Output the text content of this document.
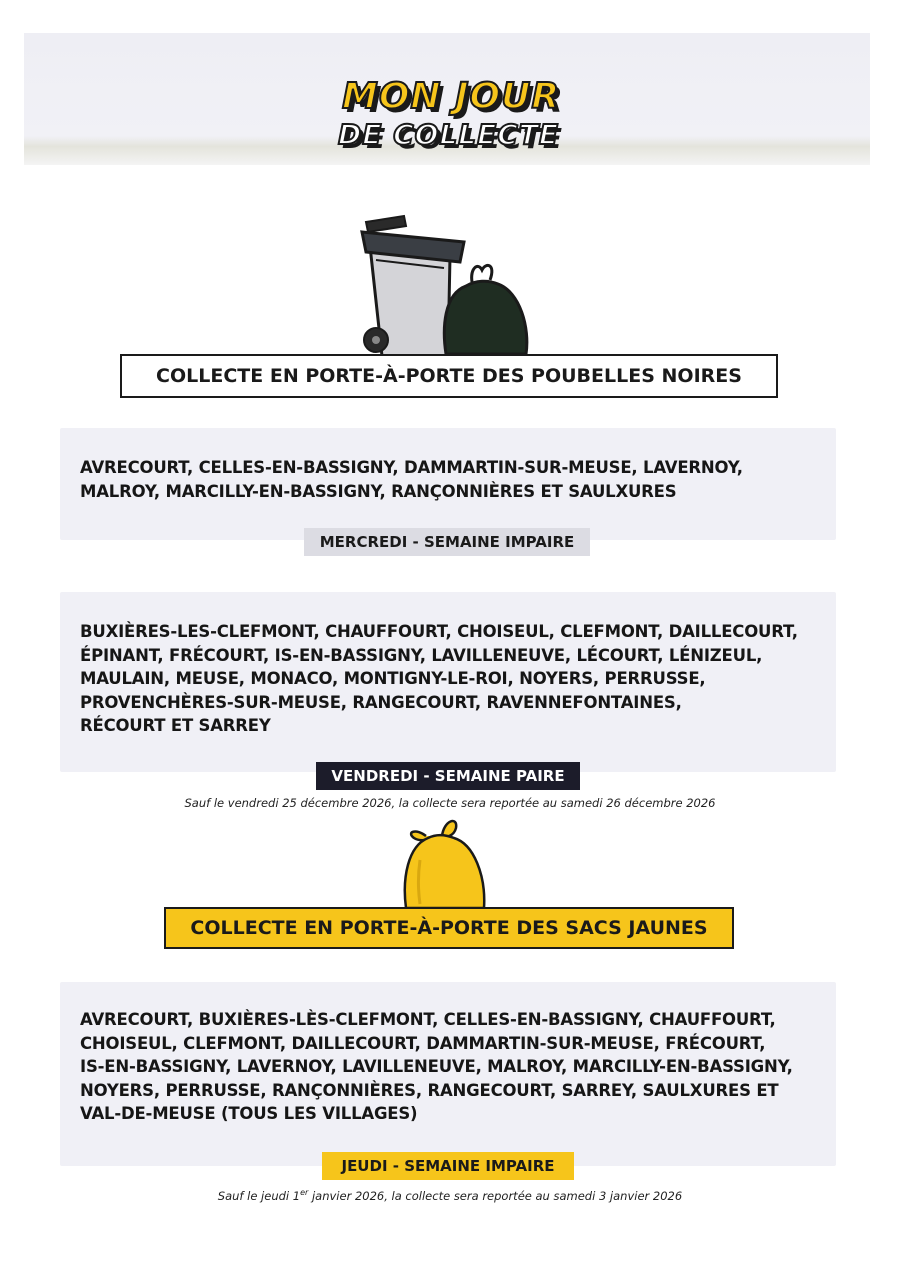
MON JOUR
DE COLLECTE
COLLECTE EN PORTE-À-PORTE DES POUBELLES NOIRES
AVRECOURT, CELLES-EN-BASSIGNY, DAMMARTIN-SUR-MEUSE, LAVERNOY,
MALROY, MARCILLY-EN-BASSIGNY, RANÇONNIÈRES ET SAULXURES
MERCREDI - SEMAINE IMPAIRE
BUXIÈRES-LES-CLEFMONT, CHAUFFOURT, CHOISEUL, CLEFMONT, DAILLECOURT,
ÉPINANT, FRÉCOURT, IS-EN-BASSIGNY, LAVILLENEUVE, LÉCOURT, LÉNIZEUL,
MAULAIN, MEUSE, MONACO, MONTIGNY-LE-ROI, NOYERS, PERRUSSE,
PROVENCHÈRES-SUR-MEUSE, RANGECOURT, RAVENNEFONTAINES,
RÉCOURT ET SARREY
VENDREDI - SEMAINE PAIRE
Sauf le vendredi 25 décembre 2026, la collecte sera reportée au samedi 26 décembre 2026
COLLECTE EN PORTE-À-PORTE DES SACS JAUNES
AVRECOURT, BUXIÈRES-LÈS-CLEFMONT, CELLES-EN-BASSIGNY, CHAUFFOURT,
CHOISEUL, CLEFMONT, DAILLECOURT, DAMMARTIN-SUR-MEUSE, FRÉCOURT,
IS-EN-BASSIGNY, LAVERNOY, LAVILLENEUVE, MALROY, MARCILLY-EN-BASSIGNY,
NOYERS, PERRUSSE, RANÇONNIÈRES, RANGECOURT, SARREY, SAULXURES ET
VAL-DE-MEUSE (TOUS LES VILLAGES)
JEUDI - SEMAINE IMPAIRE
Sauf le jeudi 1er janvier 2026, la collecte sera reportée au samedi 3 janvier 2026
